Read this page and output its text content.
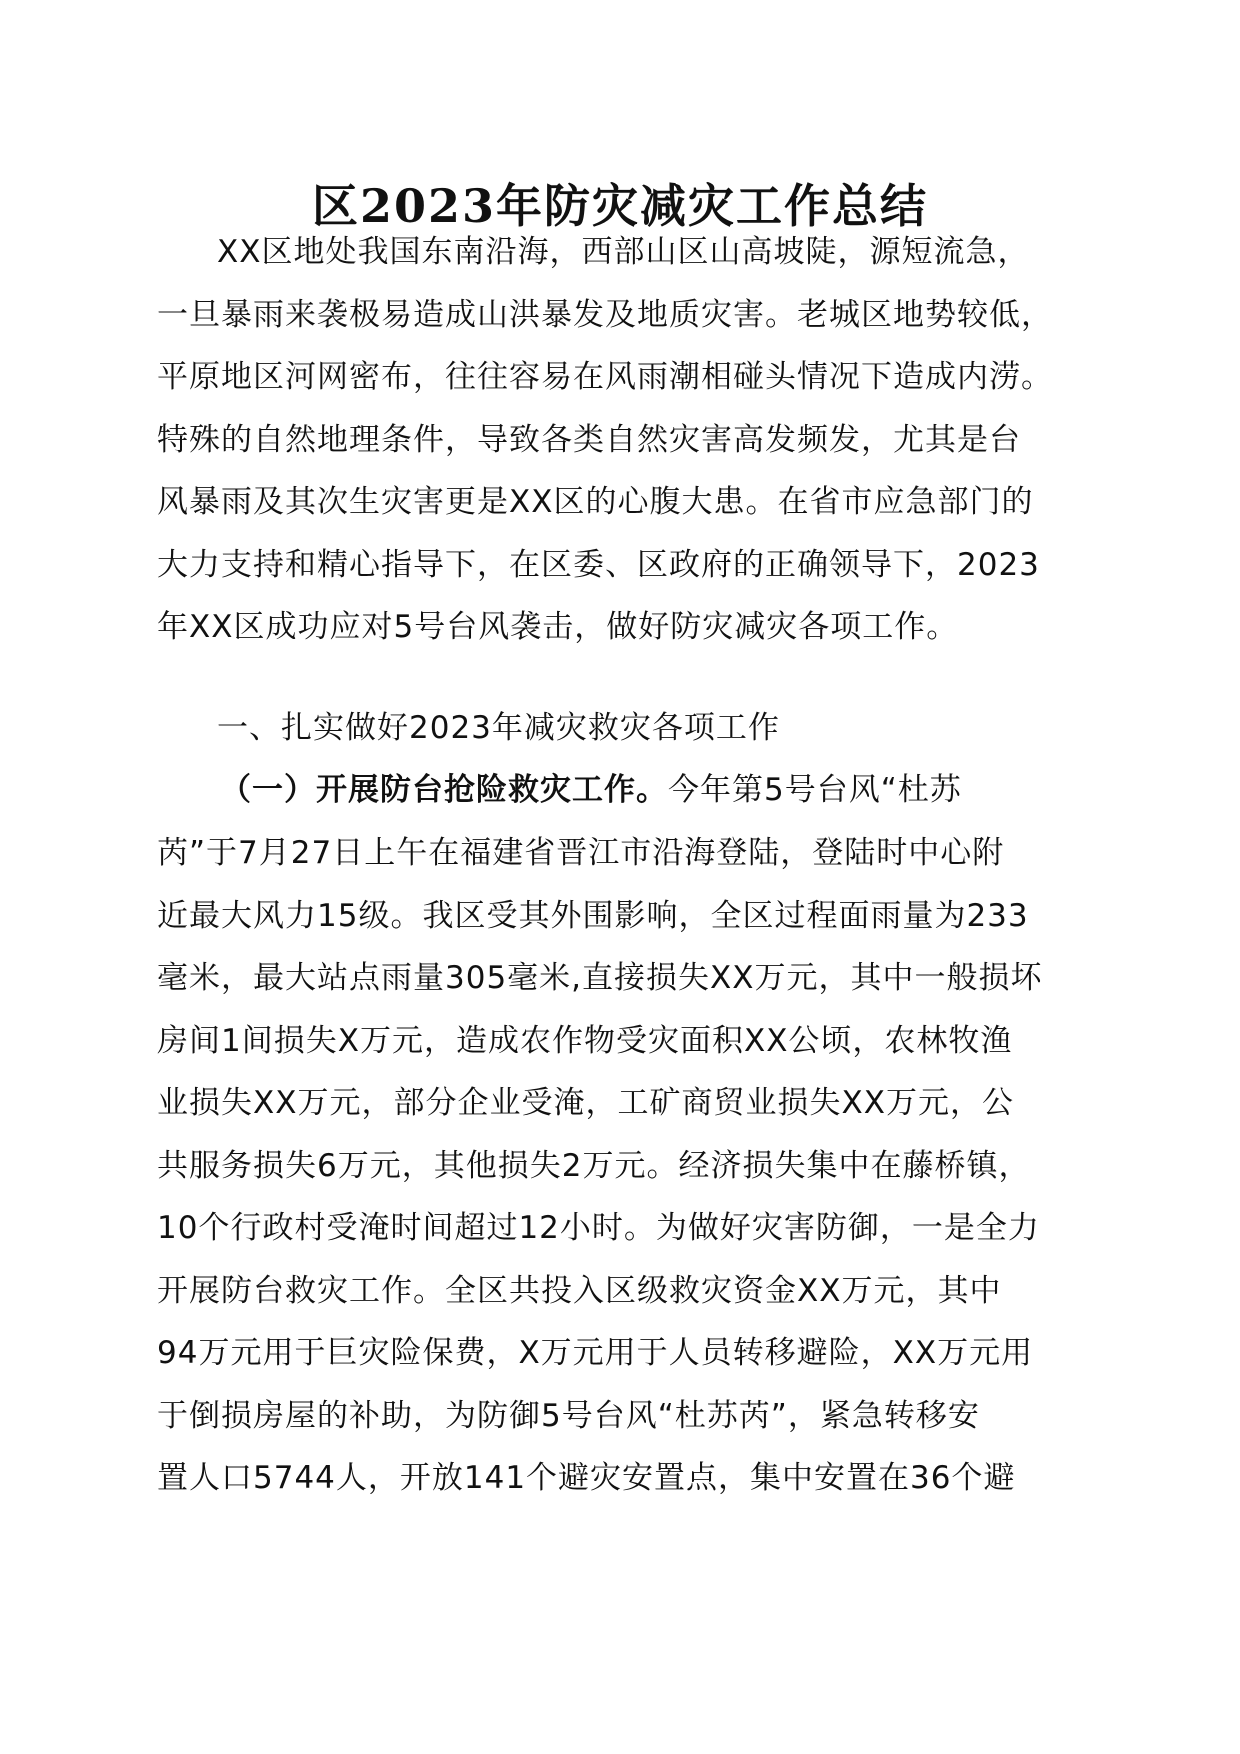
区2023年防灾减灾工作总结
XX区地处我国东南沿海，西部山区山高坡陡，源短流急，
一旦暴雨来袭极易造成山洪暴发及地质灾害。老城区地势较低，
平原地区河网密布，往往容易在风雨潮相碰头情况下造成内涝。
特殊的自然地理条件，导致各类自然灾害高发频发，尤其是台
风暴雨及其次生灾害更是XX区的心腹大患。在省市应急部门的
大力支持和精心指导下，在区委、区政府的正确领导下，2023
年XX区成功应对5号台风袭击，做好防灾减灾各项工作。
一、扎实做好2023年减灾救灾各项工作
（一）开展防台抢险救灾工作。今年第5号台风“杜苏
芮”于7月27日上午在福建省晋江市沿海登陆，登陆时中心附
近最大风力15级。我区受其外围影响，全区过程面雨量为233
毫米，最大站点雨量305毫米,直接损失XX万元，其中一般损坏
房间1间损失X万元，造成农作物受灾面积XX公顷，农林牧渔
业损失XX万元，部分企业受淹，工矿商贸业损失XX万元，公
共服务损失6万元，其他损失2万元。经济损失集中在藤桥镇，
10个行政村受淹时间超过12小时。为做好灾害防御，一是全力
开展防台救灾工作。全区共投入区级救灾资金XX万元，其中
94万元用于巨灾险保费，X万元用于人员转移避险，XX万元用
于倒损房屋的补助，为防御5号台风“杜苏芮”，紧急转移安
置人口5744人，开放141个避灾安置点，集中安置在36个避
